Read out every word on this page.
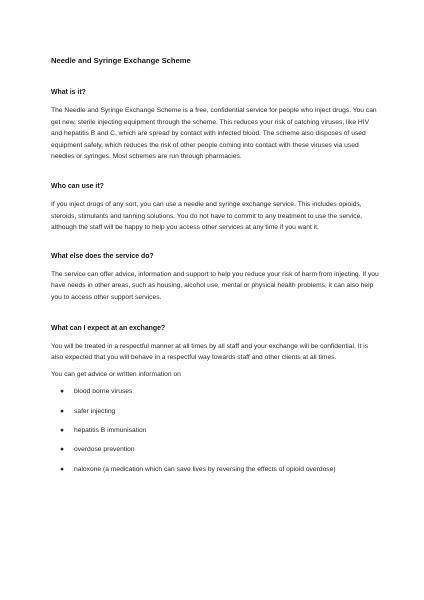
Needle and Syringe Exchange Scheme
What is it?

The Needle and Syringe Exchange Scheme is a free, confidential service for people who inject drugs. You can get new, sterile injecting equipment through the scheme. This reduces your risk of catching viruses, like HIV and hepatitis B and C, which are spread by contact with infected blood. The scheme also disposes of used equipment safely, which reduces the risk of other people coming into contact with these viruses via used needles or syringes. Most schemes are run through pharmacies.

Who can use it?

If you inject drugs of any sort, you can use a needle and syringe exchange service. This includes opioids, steroids, stimulants and tanning solutions. You do not have to commit to any treatment to use the service, although the staff will be happy to help you access other services at any time if you want it.

What else does the service do?

The service can offer advice, information and support to help you reduce your risk of harm from injecting. If you have needs in other areas, such as housing, alcohol use, mental or physical health problems, it can also help you to access other support services.

What can I expect at an exchange?

You will be treated in a respectful manner at all times by all staff and your exchange will be confidential. It is also expected that you will behave in a respectful way towards staff and other clients at all times.

You can get advice or written information on

● blood borne viruses
● safer injecting
● hepatitis B immunisation
● overdose prevention
● naloxone (a medication which can save lives by reversing the effects of opioid overdose)
